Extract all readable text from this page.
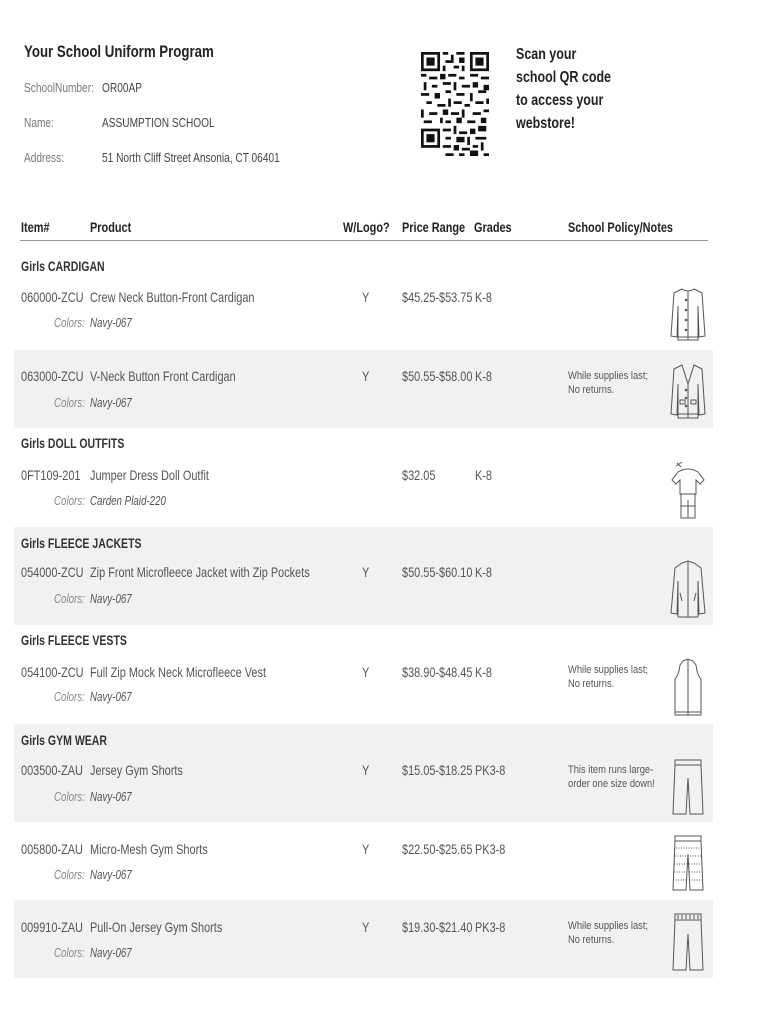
Your School Uniform Program
SchoolNumber: OR00AP
Name:	ASSUMPTION SCHOOL
Address:	51 North Cliff Street Ansonia, CT 06401
Scan your
school QR code
to access your
webstore!
Item#	Product	W/Logo? Price Range Grades	School Policy/Notes
Girls CARDIGAN
060000-ZCU Crew Neck Button-Front Cardigan	Y $45.25-$53.75 K-8
Colors: Navy-067
063000-ZCU V-Neck Button Front Cardigan	Y $50.55-$58.00 K-8
Colors: Navy-067
While supplies last; No returns.
Girls DOLL OUTFITS
0FT109-201 Jumper Dress Doll Outfit	$32.05	K-8
Colors: Carden Plaid-220
054000-ZCU Zip Front Microfleece Jacket with Zip Pockets	Y $50.55-$60.10 K-8
Colors: Navy-067
Girls FLEECE JACKETS
Girls FLEECE VESTS
054100-ZCU Full Zip Mock Neck Microfleece Vest	Y $38.90-$48.45 K-8
Colors: Navy-067
While supplies last; No returns.
003500-ZAU Jersey Gym Shorts	Y $15.05-$18.25 PK3-8
Colors: Navy-067
This item runs large-order one size down!
Girls GYM WEAR
005800-ZAU Micro-Mesh Gym Shorts	Y $22.50-$25.65 PK3-8
Colors: Navy-067
009910-ZAU Pull-On Jersey Gym Shorts	Y $19.30-$21.40 PK3-8
Colors: Navy-067
While supplies last; No returns.
